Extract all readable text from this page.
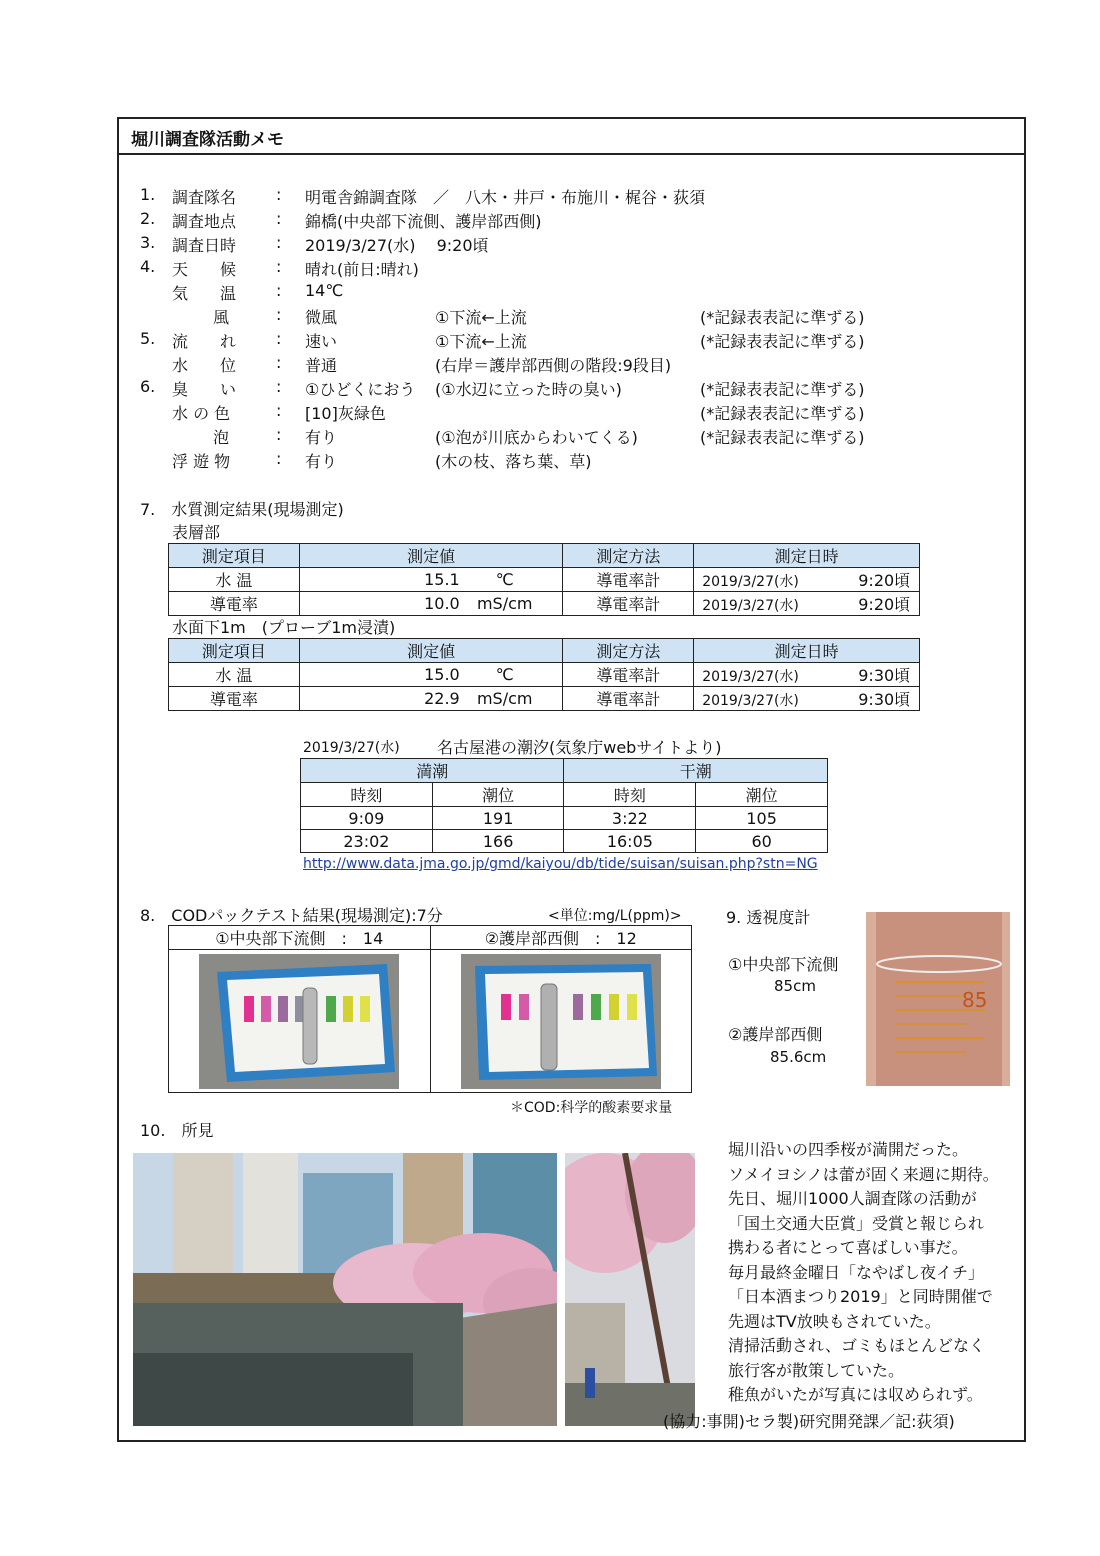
堀川調査隊活動メモ
1. 調査隊名 : 明電舎錦調査隊　／　八木・井戸・布施川・梶谷・荻須
2. 調査地点 : 錦橋(中央部下流側、護岸部西側)
3. 調査日時 : 2019/3/27(水)　 9:20頃
4. 天　　候 : 晴れ(前日:晴れ)
気　　温 : 14℃
風	: 微風	①下流←上流	(*記録表表記に準ずる)
5. 流　　れ : 速い	①下流←上流	(*記録表表記に準ずる)
水　　位 : 普通	(右岸＝護岸部西側の階段:9段目)
6. 臭　　い : ①ひどくにおう (①水辺に立った時の臭い)	(*記録表表記に準ずる)
水 の 色	: [10]灰緑色	(*記録表表記に準ずる)
泡	: 有り	(①泡が川底からわいてくる)	(*記録表表記に準ずる)
浮 遊 物	: 有り	(木の枝、落ち葉、草)
7.　水質測定結果(現場測定)
表層部
測定項目	測定値	測定方法	測定日時
水 温	15.1 ℃	導電率計	2019/3/27(水) 9:20頃
導電率	10.0 mS/cm	導電率計	2019/3/27(水) 9:20頃
水面下1m　(プローブ1m浸漬)
測定項目	測定値	測定方法	測定日時
水 温	15.0 ℃	導電率計	2019/3/27(水) 9:30頃
導電率	22.9 mS/cm	導電率計	2019/3/27(水) 9:30頃
2019/3/27(水) 名古屋港の潮汐(気象庁webサイトより)
満潮		干潮	
時刻	潮位	時刻	潮位
9:09	191	3:22	105
23:02	166	16:05	60
http://www.data.jma.go.jp/gmd/kaiyou/db/tide/suisan/suisan.php?stn=NG
8.　CODパックテスト結果(現場測定):7分	<単位:mg/L(ppm)>
①中央部下流側　:　14	②護岸部西側　:　12

＊COD:科学的酸素要求量
9. 透視度計
①中央部下流側
85cm
②護岸部西側
85.6cm
85
10.　所見
堀川沿いの四季桜が満開だった。
ソメイヨシノは蕾が固く来週に期待。
先日、堀川1000人調査隊の活動が
「国土交通大臣賞」受賞と報じられ
携わる者にとって喜ばしい事だ。
毎月最終金曜日「なやばし夜イチ」
「日本酒まつり2019」と同時開催で
先週はTV放映もされていた。
清掃活動され、ゴミもほとんどなく
旅行客が散策していた。
稚魚がいたが写真には収められず。
(協力:事開)セラ製)研究開発課／記:荻須)
